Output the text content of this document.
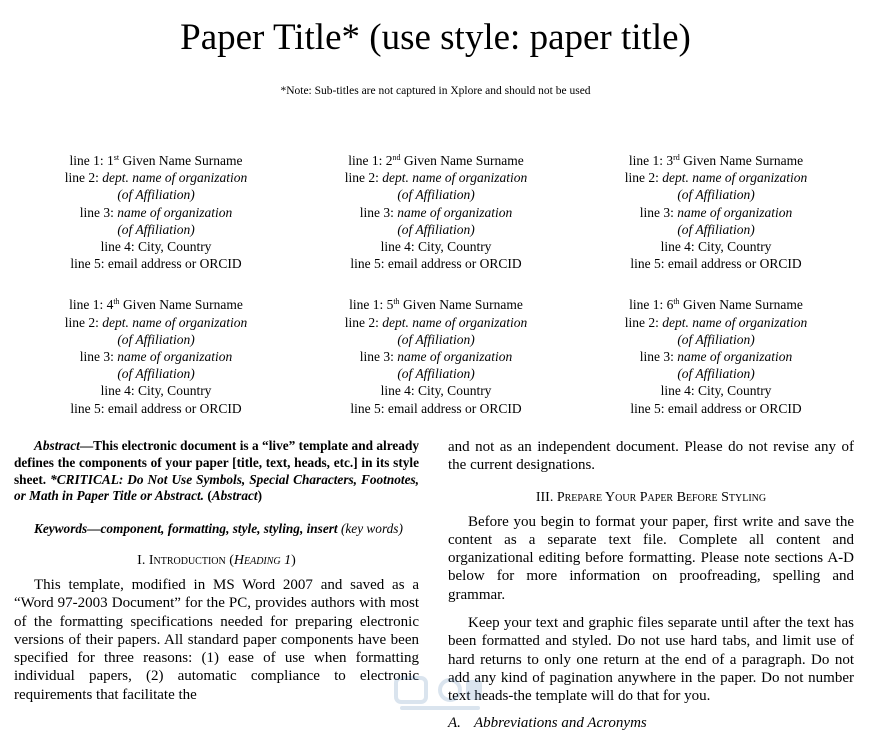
Paper Title* (use style: paper title)
*Note: Sub-titles are not captured in Xplore and should not be used
line 1: 1st Given Name Surname
line 2: dept. name of organization
(of Affiliation)
line 3: name of organization
(of Affiliation)
line 4: City, Country
line 5: email address or ORCID
line 1: 2nd Given Name Surname
line 2: dept. name of organization
(of Affiliation)
line 3: name of organization
(of Affiliation)
line 4: City, Country
line 5: email address or ORCID
line 1: 3rd Given Name Surname
line 2: dept. name of organization
(of Affiliation)
line 3: name of organization
(of Affiliation)
line 4: City, Country
line 5: email address or ORCID
line 1: 4th Given Name Surname
line 2: dept. name of organization
(of Affiliation)
line 3: name of organization
(of Affiliation)
line 4: City, Country
line 5: email address or ORCID
line 1: 5th Given Name Surname
line 2: dept. name of organization
(of Affiliation)
line 3: name of organization
(of Affiliation)
line 4: City, Country
line 5: email address or ORCID
line 1: 6th Given Name Surname
line 2: dept. name of organization
(of Affiliation)
line 3: name of organization
(of Affiliation)
line 4: City, Country
line 5: email address or ORCID

Abstract—This electronic document is a “live” template and already defines the components of your paper [title, text, heads, etc.] in its style sheet. *CRITICAL: Do Not Use Symbols, Special Characters, Footnotes, or Math in Paper Title or Abstract. (Abstract)

Keywords—component, formatting, style, styling, insert (key words)

I. Introduction (Heading 1)

This template, modified in MS Word 2007 and saved as a “Word 97-2003 Document” for the PC, provides authors with most of the formatting specifications needed for preparing electronic versions of their papers. All standard paper components have been specified for three reasons: (1) ease of use when formatting individual papers, (2) automatic compliance to electronic requirements that facilitate the

and not as an independent document. Please do not revise any of the current designations.

III. Prepare Your Paper Before Styling

Before you begin to format your paper, first write and save the content as a separate text file. Complete all content and organizational editing before formatting. Please note sections A-D below for more information on proofreading, spelling and grammar.

Keep your text and graphic files separate until after the text has been formatted and styled. Do not use hard tabs, and limit use of hard returns to only one return at the end of a paragraph. Do not add any kind of pagination anywhere in the paper. Do not number text heads-the template will do that for you.

A. Abbreviations and Acronyms
